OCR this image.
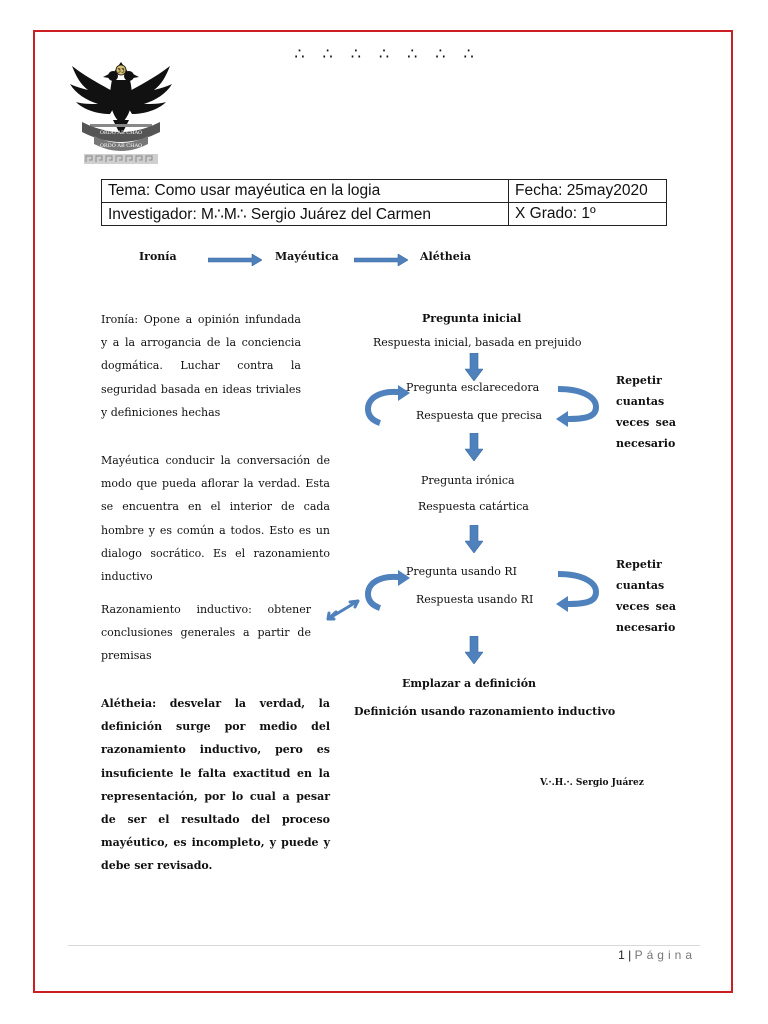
∴ ∴ ∴ ∴ ∴ ∴ ∴
33
ORDO AB CHAO
ORDO AB CHAO
Tema: Como usar mayéutica en la logia	Fecha: 25may2020
Investigador: M∴M∴ Sergio Juárez del Carmen	X Grado: 1º
Ironía	Mayéutica	Alétheia
Ironía: Opone a opinión infundada y a la arrogancia de la conciencia dogmática. Luchar contra la seguridad basada en ideas triviales y definiciones hechas
Mayéutica conducir la conversación de modo que pueda aflorar la verdad. Esta se encuentra en el interior de cada hombre y es común a todos. Esto es un dialogo socrático. Es el razonamiento inductivo
Razonamiento inductivo: obtener conclusiones generales a partir de premisas
Alétheia: desvelar la verdad, la definición surge por medio del razonamiento inductivo, pero es insuficiente le falta exactitud en la representación, por lo cual a pesar de ser el resultado del proceso mayéutico, es incompleto, y puede y debe ser revisado.
Pregunta inicial
Respuesta inicial, basada en prejuido
Pregunta esclarecedora
Respuesta que precisa
Repetir
cuantas
veces sea
necesario
Pregunta irónica
Respuesta catártica
Pregunta usando RI
Respuesta usando RI
Repetir
cuantas
veces sea
necesario
Emplazar a definición
Definición usando razonamiento inductivo
V.·.H.·. Sergio Juárez
1 | Página
